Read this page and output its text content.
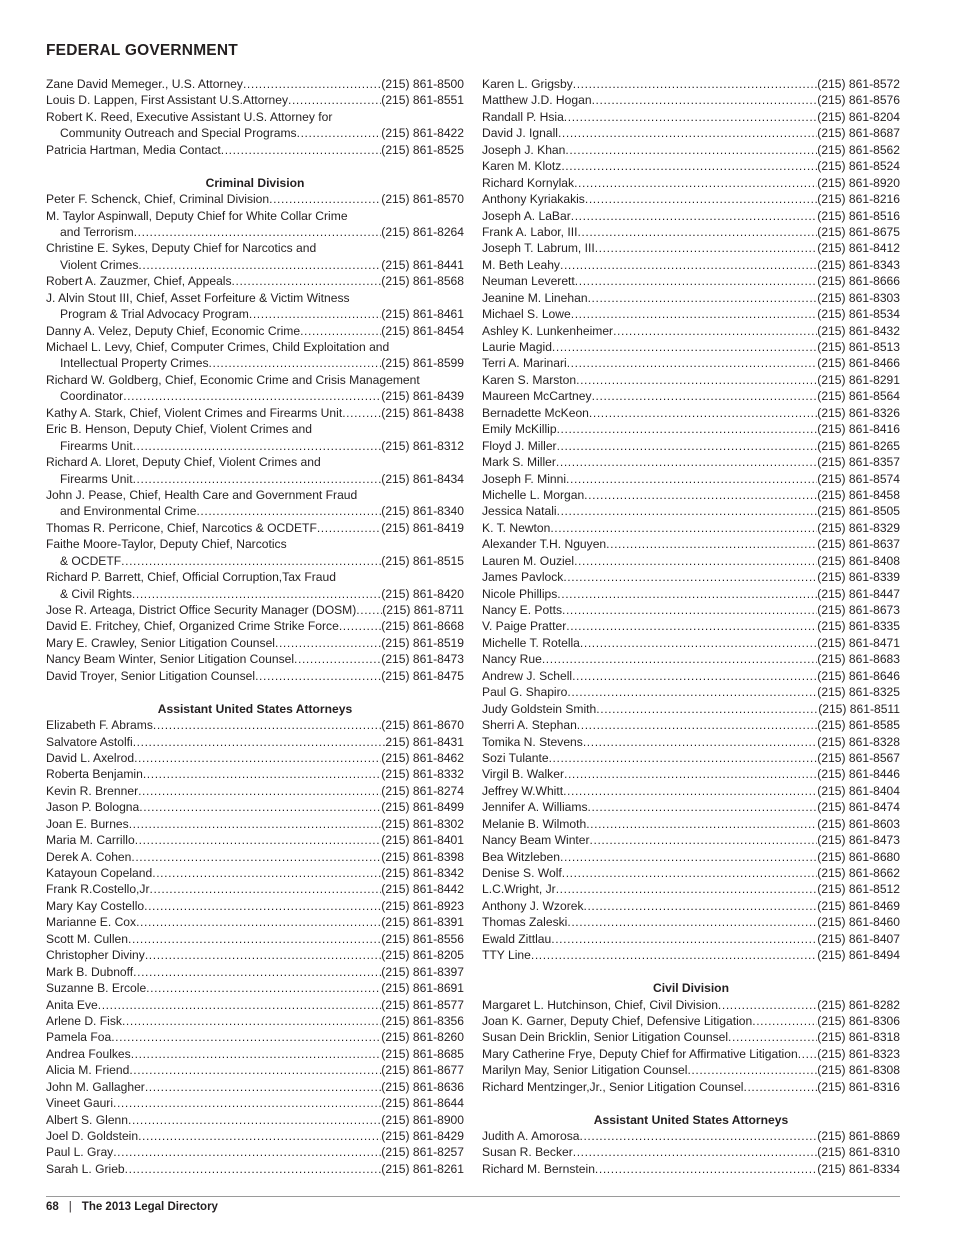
FEDERAL GOVERNMENT
Zane David Memeger., U.S. Attorney .....	(215) 861-8500
Louis D. Lappen, First Assistant U.S.Attorney .....	(215) 861-8551
Robert K. Reed, Executive Assistant U.S. Attorney for
Community Outreach and Special Programs .....	(215) 861-8422
Patricia Hartman, Media Contact .....	(215) 861-8525
Criminal Division
Peter F. Schenck, Chief, Criminal Division .....	(215) 861-8570
M. Taylor Aspinwall, Deputy Chief for White Collar Crime
and Terrorism .....	(215) 861-8264
Christine E. Sykes, Deputy Chief for Narcotics and
Violent Crimes .....	(215) 861-8441
Robert A. Zauzmer, Chief, Appeals .....	(215) 861-8568
J. Alvin Stout III, Chief, Asset Forfeiture & Victim Witness
Program & Trial Advocacy Program .....	(215) 861-8461
Danny A. Velez, Deputy Chief, Economic Crime .....	(215) 861-8454
Michael L. Levy, Chief, Computer Crimes, Child Exploitation and
Intellectual Property Crimes .....	(215) 861-8599
Richard W. Goldberg, Chief, Economic Crime and Crisis Management
Coordinator .....	(215) 861-8439
Kathy A. Stark, Chief, Violent Crimes and Firearms Unit .....	(215) 861-8438
Eric B. Henson, Deputy Chief, Violent Crimes and
Firearms Unit .....	(215) 861-8312
Richard A. Lloret, Deputy Chief, Violent Crimes and
Firearms Unit .....	(215) 861-8434
John J. Pease, Chief, Health Care and Government Fraud
and Environmental Crime .....	(215) 861-8340
Thomas R. Perricone, Chief, Narcotics & OCDETF .....	(215) 861-8419
Faithe Moore-Taylor, Deputy Chief, Narcotics
& OCDETF .....	(215) 861-8515
Richard P. Barrett, Chief, Official Corruption,Tax Fraud
& Civil Rights .....	(215) 861-8420
Jose R. Arteaga, District Office Security Manager (DOSM) ..... (215) 861-8711
David E. Fritchey, Chief, Organized Crime Strike Force .....	(215) 861-8668
Mary E. Crawley, Senior Litigation Counsel .....	(215) 861-8519
Nancy Beam Winter, Senior Litigation Counsel .....	(215) 861-8473
David Troyer, Senior Litigation Counsel .....	(215) 861-8475
Assistant United States Attorneys
Elizabeth F. Abrams .....	(215) 861-8670
Salvatore Astolfi .....	215) 861-8431
David L. Axelrod .....	(215) 861-8462
Roberta Benjamin .....	(215) 861-8332
Kevin R. Brenner .....	(215) 861-8274
Jason P. Bologna .....	(215) 861-8499
Joan E. Burnes .....	(215) 861-8302
Maria M. Carrillo .....	(215) 861-8401
Derek A. Cohen .....	(215) 861-8398
Katayoun Copeland .....	(215) 861-8342
Frank R.Costello,Jr .....	(215) 861-8442
Mary Kay Costello .....	(215) 861-8923
Marianne E. Cox .....	(215) 861-8391
Scott M. Cullen .....	(215) 861-8556
Christopher Diviny .....	(215) 861-8205
Mark B. Dubnoff .....	(215) 861-8397
Suzanne B. Ercole .....	(215) 861-8691
Anita Eve .....	(215) 861-8577
Arlene D. Fisk .....	(215) 861-8356
Pamela Foa .....	(215) 861-8260
Andrea Foulkes .....	(215) 861-8685
Alicia M. Friend .....	(215) 861-8677
John M. Gallagher .....	(215) 861-8636
Vineet Gauri .....	(215) 861-8644
Albert S. Glenn .....	(215) 861-8900
Joel D. Goldstein .....	(215) 861-8429
Paul L. Gray .....	(215) 861-8257
Sarah L. Grieb .....	(215) 861-8261
Karen L. Grigsby .....	(215) 861-8572
Matthew J.D. Hogan .....	(215) 861-8576
Randall P. Hsia .....	(215) 861-8204
David J. Ignall .....	(215) 861-8687
Joseph J. Khan .....	(215) 861-8562
Karen M. Klotz .....	(215) 861-8524
Richard Kornylak .....	(215) 861-8920
Anthony Kyriakakis .....	(215) 861-8216
Joseph A. LaBar .....	(215) 861-8516
Frank A. Labor, III .....	(215) 861-8675
Joseph T. Labrum, III .....	(215) 861-8412
M. Beth Leahy .....	(215) 861-8343
Neuman Leverett .....	(215) 861-8666
Jeanine M. Linehan .....	(215) 861-8303
Michael S. Lowe .....	(215) 861-8534
Ashley K. Lunkenheimer .....	(215) 861-8432
Laurie Magid .....	(215) 861-8513
Terri A. Marinari .....	(215) 861-8466
Karen S. Marston .....	(215) 861-8291
Maureen McCartney .....	(215) 861-8564
Bernadette McKeon .....	(215) 861-8326
Emily McKillip .....	(215) 861-8416
Floyd J. Miller .....	(215) 861-8265
Mark S. Miller .....	(215) 861-8357
Joseph F. Minni .....	(215) 861-8574
Michelle L. Morgan .....	(215) 861-8458
Jessica Natali .....	(215) 861-8505
K. T. Newton .....	(215) 861-8329
Alexander T.H. Nguyen .....	(215) 861-8637
Lauren M. Ouziel .....	(215) 861-8408
James Pavlock .....	(215) 861-8339
Nicole Phillips .....	(215) 861-8447
Nancy E. Potts .....	(215) 861-8673
V. Paige Pratter .....	(215) 861-8335
Michelle T. Rotella .....	(215) 861-8471
Nancy Rue .....	(215) 861-8683
Andrew J. Schell .....	(215) 861-8646
Paul G. Shapiro .....	(215) 861-8325
Judy Goldstein Smith .....	(215) 861-8511
Sherri A. Stephan .....	(215) 861-8585
Tomika N. Stevens .....	(215) 861-8328
Sozi Tulante .....	(215) 861-8567
Virgil B. Walker .....	(215) 861-8446
Jeffrey W.Whitt .....	(215) 861-8404
Jennifer A. Williams .....	(215) 861-8474
Melanie B. Wilmoth .....	(215) 861-8603
Nancy Beam Winter .....	(215) 861-8473
Bea Witzleben .....	(215) 861-8680
Denise S. Wolf .....	(215) 861-8662
L.C.Wright, Jr .....	(215) 861-8512
Anthony J. Wzorek .....	(215) 861-8469
Thomas Zaleski .....	(215) 861-8460
Ewald Zittlau .....	(215) 861-8407
TTY Line .....	(215) 861-8494
Civil Division
Margaret L. Hutchinson, Chief, Civil Division .....	(215) 861-8282
Joan K. Garner, Deputy Chief, Defensive Litigation .....	(215) 861-8306
Susan Dein Bricklin, Senior Litigation Counsel .....	(215) 861-8318
Mary Catherine Frye, Deputy Chief for Affirmative Litigation ..... (215) 861-8323
Marilyn May, Senior Litigation Counsel .....	(215) 861-8308
Richard Mentzinger,Jr., Senior Litigation Counsel .....	(215) 861-8316
Assistant United States Attorneys
Judith A. Amorosa .....	(215) 861-8869
Susan R. Becker .....	(215) 861-8310
Richard M. Bernstein .....	(215) 861-8334
68 | The 2013 Legal Directory
